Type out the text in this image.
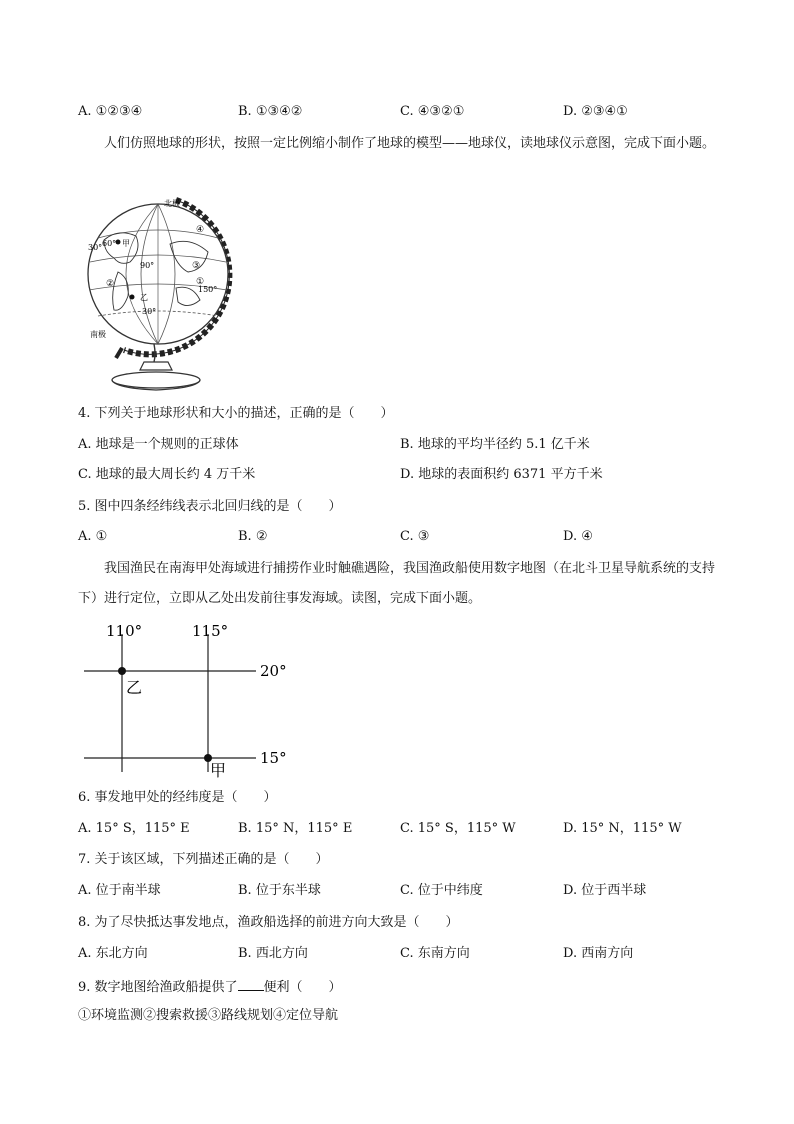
A. ①②③④	B. ①③④②	C. ④③②①	D. ②③④①
人们仿照地球的形状，按照一定比例缩小制作了地球的模型——地球仪，读地球仪示意图，完成下面小题。
北极
南极
30° 60° 甲
90°
④
③
②	①
150°
乙
30°
4. 下列关于地球形状和大小的描述，正确的是（　　）
A. 地球是一个规则的正球体	B. 地球的平均半径约 5.1 亿千米
C. 地球的最大周长约 4 万千米	D. 地球的表面积约 6371 平方千米
5. 图中四条经纬线表示北回归线的是（　　）
A. ①	B. ②	C. ③	D. ④
我国渔民在南海甲处海域进行捕捞作业时触礁遇险，我国渔政船使用数字地图（在北斗卫星导航系统的支持下）进行定位，立即从乙处出发前往事发海域。读图，完成下面小题。
110°	115°
20°
15°
乙
甲
6. 事发地甲处的经纬度是（　　）
A. 15° S，115° E	B. 15° N，115° E	C. 15° S，115° W	D. 15° N，115° W
7. 关于该区域，下列描述正确的是（　　）
A. 位于南半球	B. 位于东半球	C. 位于中纬度	D. 位于西半球
8. 为了尽快抵达事发地点，渔政船选择的前进方向大致是（　　）
A. 东北方向	B. 西北方向	C. 东南方向	D. 西南方向
9. 数字地图给渔政船提供了 便利（　　）
①环境监测②搜索救援③路线规划④定位导航
